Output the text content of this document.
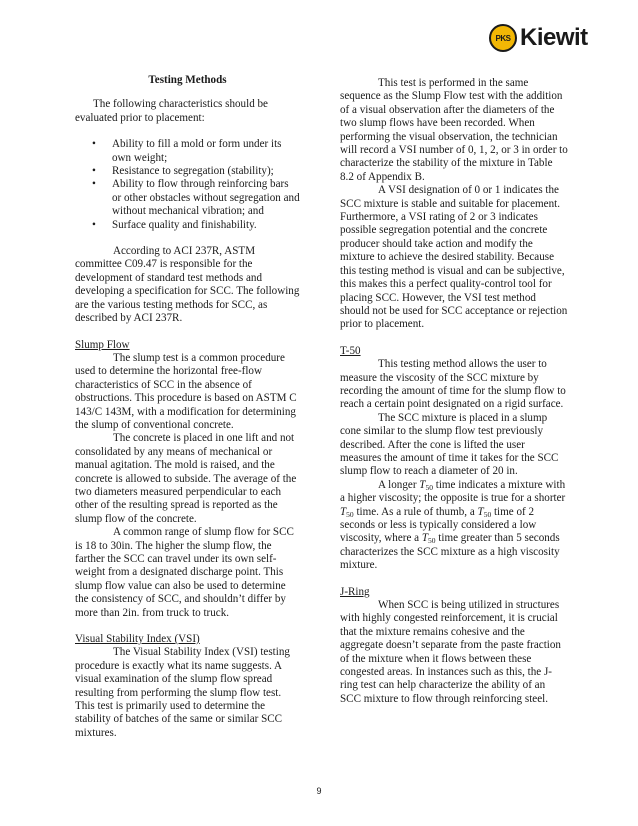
PKS Kiewit

Testing Methods

The following characteristics should be evaluated prior to placement:

• Ability to fill a mold or form under its own weight;
• Resistance to segregation (stability);
• Ability to flow through reinforcing bars or other obstacles without segregation and without mechanical vibration; and
• Surface quality and finishability.

According to ACI 237R, ASTM committee C09.47 is responsible for the development of standard test methods and developing a specification for SCC. The following are the various testing methods for SCC, as described by ACI 237R.

Slump Flow

The slump test is a common procedure used to determine the horizontal free-flow characteristics of SCC in the absence of obstructions. This procedure is based on ASTM C 143/C 143M, with a modification for determining the slump of conventional concrete.

The concrete is placed in one lift and not consolidated by any means of mechanical or manual agitation. The mold is raised, and the concrete is allowed to subside. The average of the two diameters measured perpendicular to each other of the resulting spread is reported as the slump flow of the concrete.

A common range of slump flow for SCC is 18 to 30in. The higher the slump flow, the farther the SCC can travel under its own self-weight from a designated discharge point. This slump flow value can also be used to determine the consistency of SCC, and shouldn’t differ by more than 2in. from truck to truck.

Visual Stability Index (VSI)

The Visual Stability Index (VSI) testing procedure is exactly what its name suggests. A visual examination of the slump flow spread resulting from performing the slump flow test. This test is primarily used to determine the stability of batches of the same or similar SCC mixtures.

This test is performed in the same sequence as the Slump Flow test with the addition of a visual observation after the diameters of the two slump flows have been recorded. When performing the visual observation, the technician will record a VSI number of 0, 1, 2, or 3 in order to characterize the stability of the mixture in Table 8.2 of Appendix B.

A VSI designation of 0 or 1 indicates the SCC mixture is stable and suitable for placement. Furthermore, a VSI rating of 2 or 3 indicates possible segregation potential and the concrete producer should take action and modify the mixture to achieve the desired stability. Because this testing method is visual and can be subjective, this makes this a perfect quality-control tool for placing SCC. However, the VSI test method should not be used for SCC acceptance or rejection prior to placement.

T-50

This testing method allows the user to measure the viscosity of the SCC mixture by recording the amount of time for the slump flow to reach a certain point designated on a rigid surface.

The SCC mixture is placed in a slump cone similar to the slump flow test previously described. After the cone is lifted the user measures the amount of time it takes for the SCC slump flow to reach a diameter of 20 in.

A longer $T_{50}$ time indicates a mixture with a higher viscosity; the opposite is true for a shorter $T_{50}$ time. As a rule of thumb, a $T_{50}$ time of 2 seconds or less is typically considered a low viscosity, where a $T_{50}$ time greater than 5 seconds characterizes the SCC mixture as a high viscosity mixture.

J-Ring

When SCC is being utilized in structures with highly congested reinforcement, it is crucial that the mixture remains cohesive and the aggregate doesn’t separate from the paste fraction of the mixture when it flows between these congested areas. In instances such as this, the J-ring test can help characterize the ability of an SCC mixture to flow through reinforcing steel.

9
